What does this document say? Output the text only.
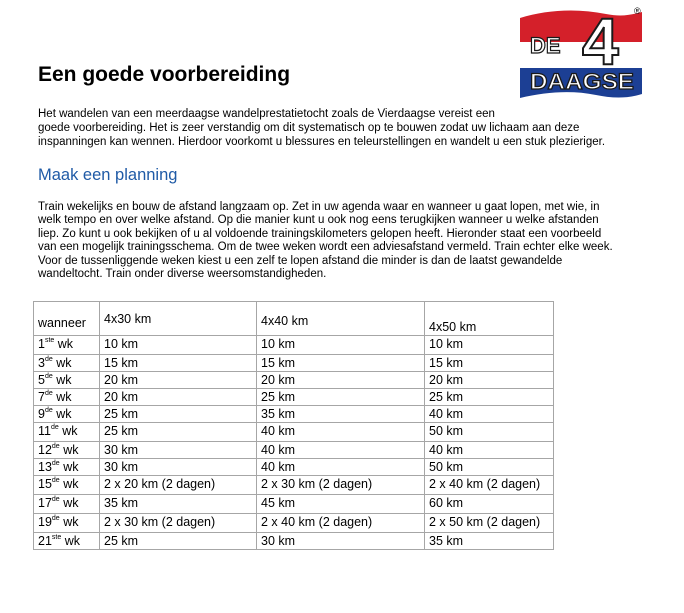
DE 4 ®
DAAGSE
Een goede voorbereiding

Het wandelen van een meerdaagse wandelprestatietocht zoals de Vierdaagse vereist een
goede voorbereiding. Het is zeer verstandig om dit systematisch op te bouwen zodat uw lichaam aan deze
inspanningen kan wennen. Hierdoor voorkomt u blessures en teleurstellingen en wandelt u een stuk plezieriger.

Maak een planning

Train wekelijks en bouw de afstand langzaam op. Zet in uw agenda waar en wanneer u gaat lopen, met wie, in
welk tempo en over welke afstand. Op die manier kunt u ook nog eens terugkijken wanneer u welke afstanden
liep. Zo kunt u ook bekijken of u al voldoende trainingskilometers gelopen heeft. Hieronder staat een voorbeeld
van een mogelijk trainingsschema. Om de twee weken wordt een adviesafstand vermeld. Train echter elke week.
Voor de tussenliggende weken kiest u een zelf te lopen afstand die minder is dan de laatst gewandelde
wandeltocht. Train onder diverse weersomstandigheden.

wanneer	4x30 km	4x40 km	4x50 km
1ste wk	10 km	10 km	10 km
3de wk	15 km	15 km	15 km
5de wk	20 km	20 km	20 km
7de wk	20 km	25 km	25 km
9de wk	25 km	35 km	40 km
11de wk	25 km	40 km	50 km
12de wk	30 km	40 km	40 km
13de wk	30 km	40 km	50 km
15de wk	2 x 20 km (2 dagen)	2 x 30 km (2 dagen)	2 x 40 km (2 dagen)
17de wk	35 km	45 km	60 km
19de wk	2 x 30 km (2 dagen)	2 x 40 km (2 dagen)	2 x 50 km (2 dagen)
21ste wk	25 km	30 km	35 km
